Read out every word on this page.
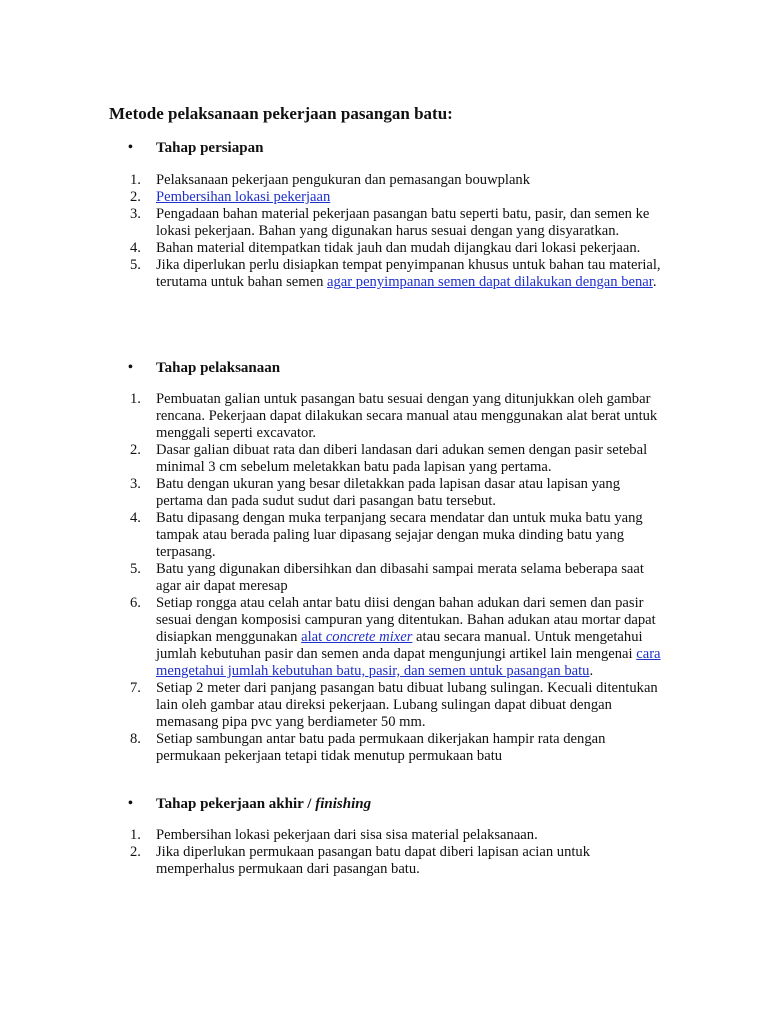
Metode pelaksanaan pekerjaan pasangan batu:
• Tahap persiapan
1. Pelaksanaan pekerjaan pengukuran dan pemasangan bouwplank
2. Pembersihan lokasi pekerjaan
3. Pengadaan bahan material pekerjaan pasangan batu seperti batu, pasir, dan semen ke lokasi pekerjaan. Bahan yang digunakan harus sesuai dengan yang disyaratkan.
4. Bahan material ditempatkan tidak jauh dan mudah dijangkau dari lokasi pekerjaan.
5. Jika diperlukan perlu disiapkan tempat penyimpanan khusus untuk bahan tau material, terutama untuk bahan semen agar penyimpanan semen dapat dilakukan dengan benar.
• Tahap pelaksanaan
1. Pembuatan galian untuk pasangan batu sesuai dengan yang ditunjukkan oleh gambar rencana. Pekerjaan dapat dilakukan secara manual atau menggunakan alat berat untuk menggali seperti excavator.
2. Dasar galian dibuat rata dan diberi landasan dari adukan semen dengan pasir setebal minimal 3 cm sebelum meletakkan batu pada lapisan yang pertama.
3. Batu dengan ukuran yang besar diletakkan pada lapisan dasar atau lapisan yang pertama dan pada sudut sudut dari pasangan batu tersebut.
4. Batu dipasang dengan muka terpanjang secara mendatar dan untuk muka batu yang tampak atau berada paling luar dipasang sejajar dengan muka dinding batu yang terpasang.
5. Batu yang digunakan dibersihkan dan dibasahi sampai merata selama beberapa saat agar air dapat meresap
6. Setiap rongga atau celah antar batu diisi dengan bahan adukan dari semen dan pasir sesuai dengan komposisi campuran yang ditentukan. Bahan adukan atau mortar dapat disiapkan menggunakan alat concrete mixer atau secara manual. Untuk mengetahui jumlah kebutuhan pasir dan semen anda dapat mengunjungi artikel lain mengenai cara mengetahui jumlah kebutuhan batu, pasir, dan semen untuk pasangan batu.
7. Setiap 2 meter dari panjang pasangan batu dibuat lubang sulingan. Kecuali ditentukan lain oleh gambar atau direksi pekerjaan. Lubang sulingan dapat dibuat dengan memasang pipa pvc yang berdiameter 50 mm.
8. Setiap sambungan antar batu pada permukaan dikerjakan hampir rata dengan permukaan pekerjaan tetapi tidak menutup permukaan batu
• Tahap pekerjaan akhir / finishing
1. Pembersihan lokasi pekerjaan dari sisa sisa material pelaksanaan.
2. Jika diperlukan permukaan pasangan batu dapat diberi lapisan acian untuk memperhalus permukaan dari pasangan batu.
